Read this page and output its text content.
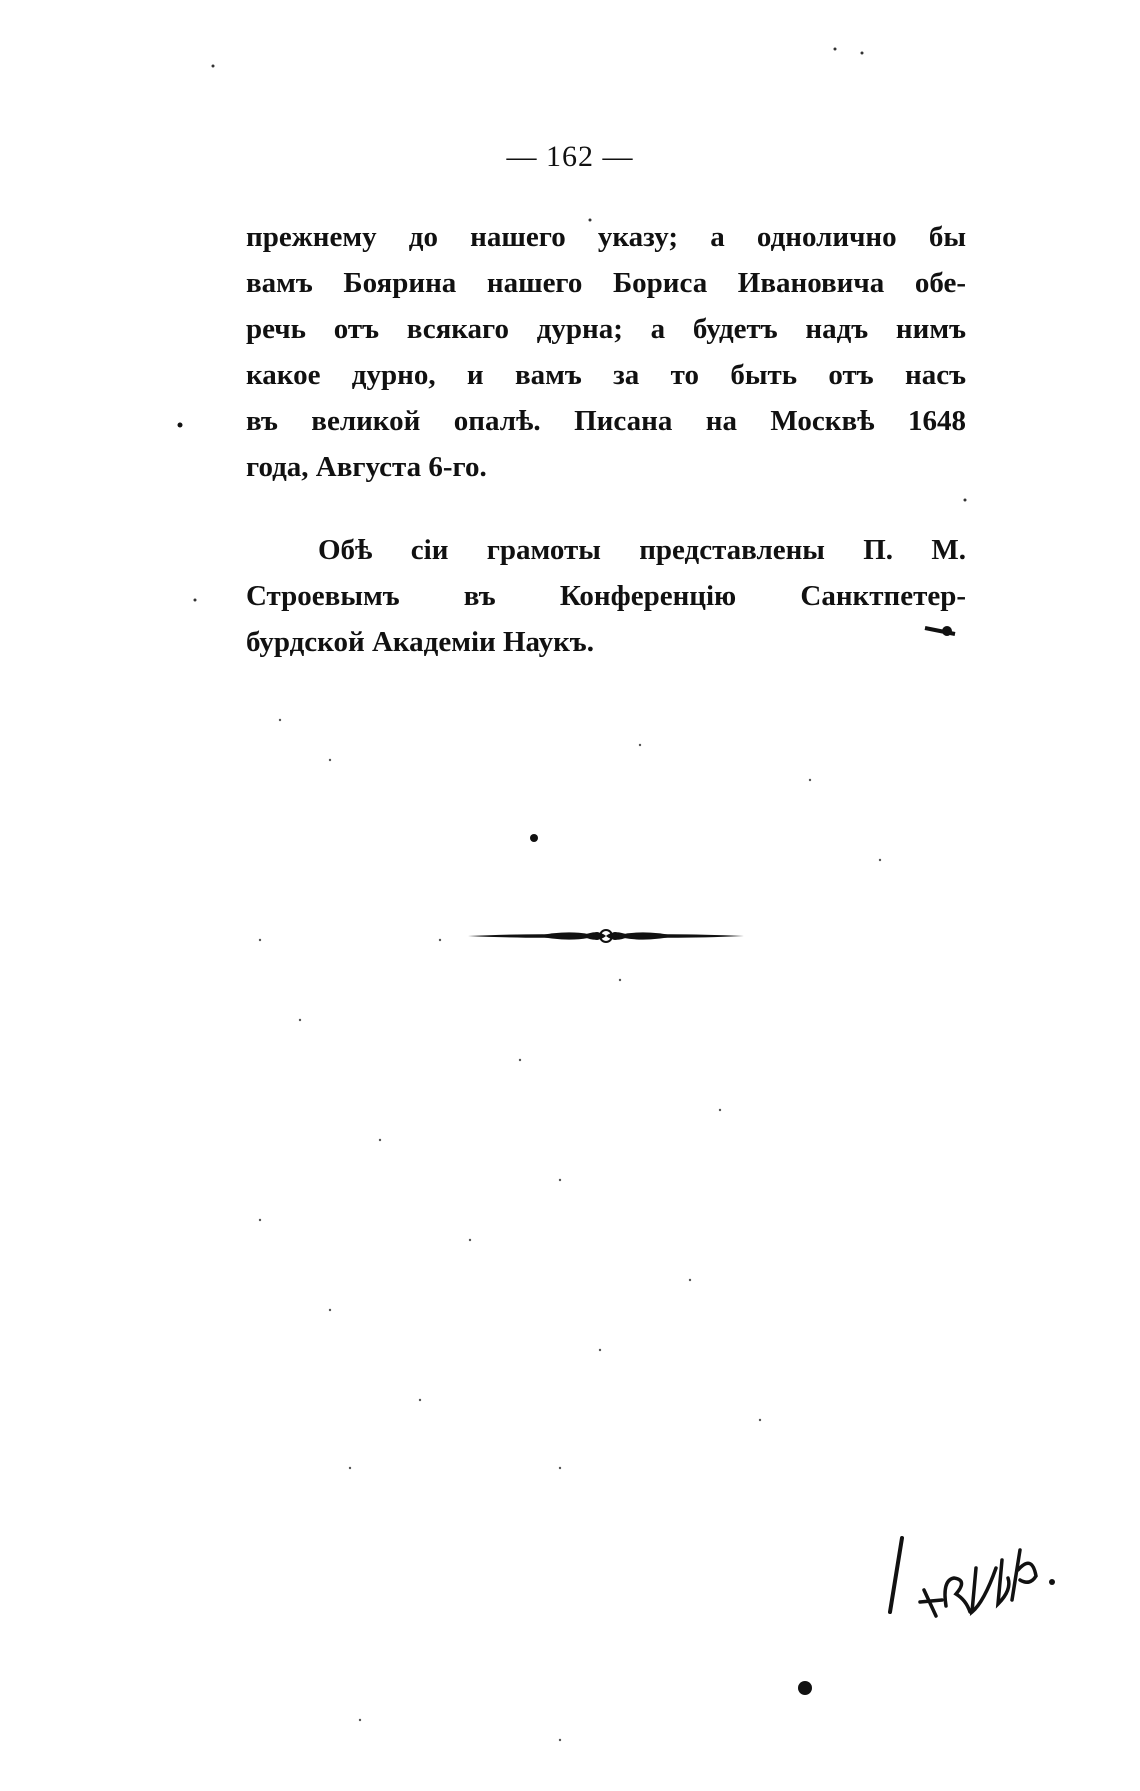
— 162 —
прежнему до нашего указу; а одноличнo бы
вамъ Боярина нашего Бориса Ивановича обе-
речь отъ всякаго дурна; а будетъ надъ нимъ
какое дурно, и вамъ за то быть отъ насъ
въ великой опалѣ. Писана на Москвѣ 1648
года, Августа 6-го.
Обѣ сіи грамоты представлены П. М.
Строевымъ въ Конференцію Санктпетер-
бурдской Академіи Наукъ.
